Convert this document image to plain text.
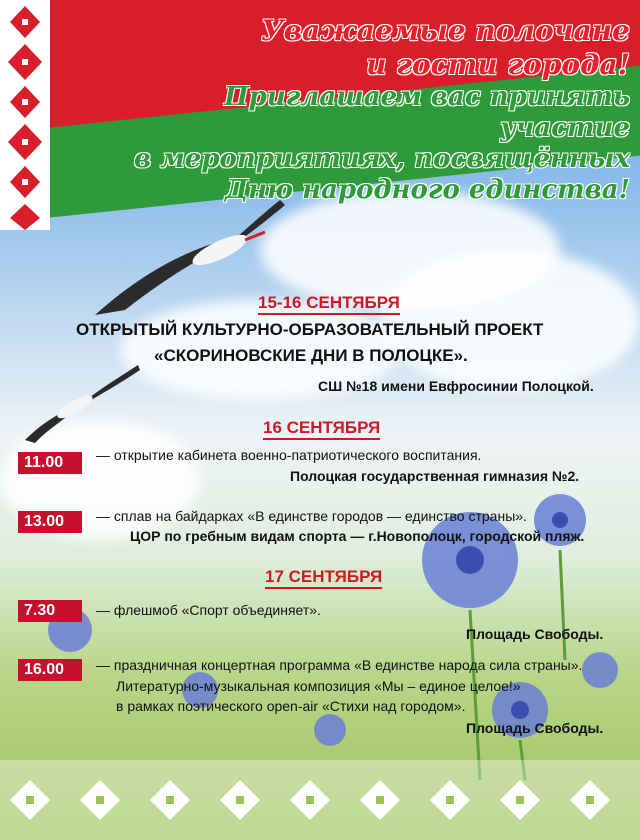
Уважаемые полочане
и гости города!
Приглашаем вас принять участие
в мероприятиях, посвящённых
Дню народного единства!
15-16 СЕНТЯБРЯ
ОТКРЫТЫЙ КУЛЬТУРНО-ОБРАЗОВАТЕЛЬНЫЙ ПРОЕКТ
«СКОРИНОВСКИЕ ДНИ В ПОЛОЦКЕ».
СШ №18 имени Евфросинии Полоцкой.
16 СЕНТЯБРЯ
11.00	— открытие кабинета военно-патриотического воспитания.
Полоцкая государственная гимназия №2.
13.00	— сплав на байдарках «В единстве городов — единство страны».
ЦОР по гребным видам спорта — г.Новополоцк, городской пляж.
17 СЕНТЯБРЯ
7.30	— флешмоб «Спорт объединяет».
Площадь Свободы.
16.00	— праздничная концертная программа «В единстве народа сила страны».
Литературно-музыкальная композиция «Мы – единое целое!»
в рамках поэтического open-air «Стихи над городом».
Площадь Свободы.
